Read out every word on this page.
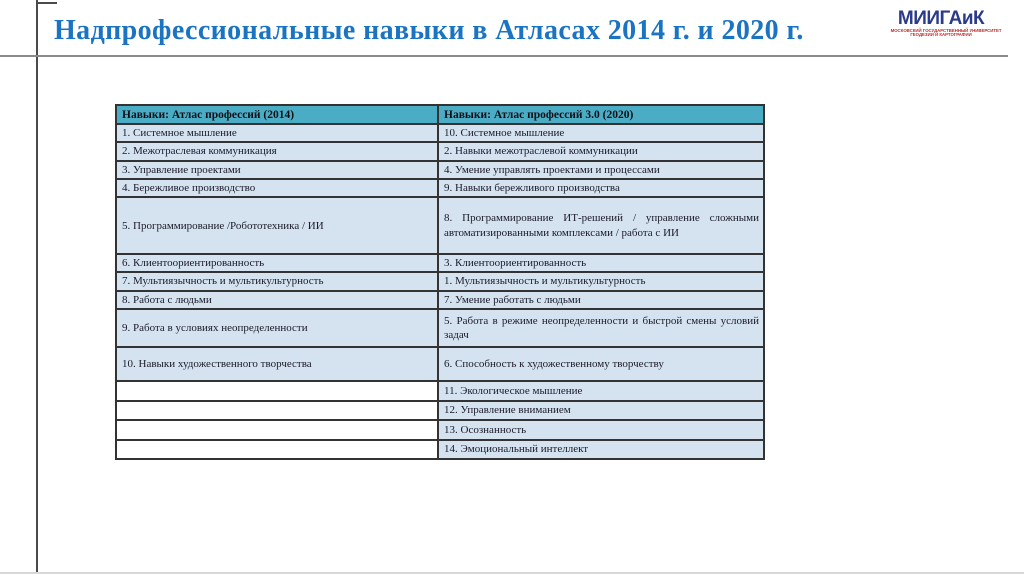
Надпрофессиональные навыки в Атласах 2014 г. и 2020 г.	МИИГАиК
МОСКОВСКИЙ ГОСУДАРСТВЕННЫЙ УНИВЕРСИТЕТ
ГЕОДЕЗИИ И КАРТОГРАФИИ
Навыки: Атлас профессий (2014)	Навыки: Атлас профессий 3.0 (2020)
1. Системное мышление	10. Системное мышление
2. Межотраслевая коммуникация	2. Навыки межотраслевой коммуникации
3. Управление проектами	4. Умение управлять проектами и процессами
4. Бережливое производство	9. Навыки бережливого производства
5. Программирование /Робототехника / ИИ	8. Программирование ИТ-решений / управление сложными автоматизированными комплексами / работа с ИИ
6. Клиентоориентированность	3. Клиентоориентированность
7. Мультиязычность и мультикультурность	1. Мультиязычность и мультикультурность
8. Работа с людьми	7. Умение работать с людьми
9. Работа в условиях неопределенности	5. Работа в режиме неопределенности и быстрой смены условий задач
10. Навыки художественного творчества	6. Способность к художественному творчеству
	11. Экологическое мышление
	12. Управление вниманием
	13. Осознанность
	14. Эмоциональный интеллект
